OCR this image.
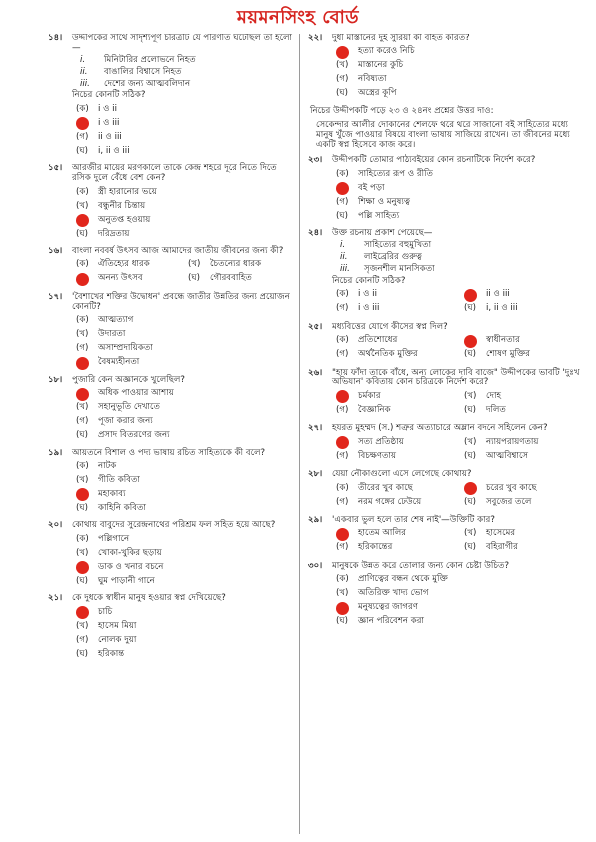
ময়মনসিংহ বোর্ড
১৪।	উদ্দীপকের সাথে সাদৃশ্যপূর্ণ চরিত্রটি যে পরিণতি ঘটেছিল তা হলো—
i.	মিনিটারির প্রলোভনে নিহত
ii.	বাঙালির বিশ্বাসে নিহত
iii.	দেশের জন্য আত্মবলিদান
নিচের কোনটি সঠিক?
(ক)	i ও ii
i ও iii
(গ)	ii ও iii
(ঘ)	i, ii ও iii
১৫।	আরজীর মায়ের মরণকালে তাকে কেন্দ্র শহরে দূরে নিতে দিতে রসিক দুলে বেঁধে বেশ কেন?
(ক)	স্ত্রী হারানোর ভয়ে
(খ)	বন্ধুনীর চিন্তায়
অনুতপ্ত হওয়ায়
(ঘ)	দরিদ্রতায়
১৬।	বাংলা নববর্ষ উৎসব আজ আমাদের জাতীয় জীবনের জন্য কী?
(ক)	ঐতিহ্যের ধারক	(খ)	চৈতন্যের ধারক
অনন্য উৎসব	(ঘ)	গৌরববাহিত
১৭।	'বৈশাখের শক্তির উদ্বোধন' প্রবন্ধে জাতীর উন্নতির জন্য প্রয়োজন কোনটি?
(ক)	আত্মত্যাগ
(খ)	উদারতা
(গ)	অসাম্প্রদায়িকতা
বৈষম্যহীনতা
১৮।	পুজারি কেন অজ্ঞানকে খুলেছিল?
অধিক পাওয়ার আশায়
(খ)	সহানুভূতি দেখাতে
(গ)	পূজা করার জন্য
(ঘ)	প্রসাদ বিতরণের জন্য
১৯।	আয়তনে বিশাল ও পদ্য ভাষায় রচিত সাহিত্যকে কী বলে?
(ক)	নাটক
(খ)	গীতি কবিতা
মহাকাব্য
(ঘ)	কাহিনি কবিতা
২০।	কোথায় বাবুদের সুরেন্দ্রনাথের পরিশ্রম ফল সহিত হয়ে আছে?
(ক)	পল্লিগানে
(খ)	খোকা-খুকির ছড়ায়
ডাক ও খনার বচনে
(ঘ)	ঘুম পাড়ানী গানে
২১।	কে দুধকে স্বাধীন মানুষ হওয়ার স্বপ্ন দেখিয়েছে?
চাচি
(খ)	হাসেম মিয়া
(গ)	নোলক দুয়া
(ঘ)	হরিকান্ত
২২।	দুধী মাস্তানের দুই সুরিয়া কী বহিত করিত?
হত্যা করেও নিচি
(খ)	মাস্তানের কুচি
(গ)	নবিষ্যতা
(ঘ)	অস্ত্রের কূপি
নিচের উদ্দীপকটি পড়ে ২৩ ও ২৪নং প্রশ্নের উত্তর দাও:
সেকেন্দার আলীর দোকানের শেলফে থরে থরে সাজানো বই সাহিত্যের মধ্যে মানুষ খুঁজে পাওয়ার বিষয়ে বাংলা ভাষায় সাজিয়ে রাখেন। তা জীবনের মধ্যে একটি স্বপ্ন হিসেবে কাজ করে।
২৩।	উদ্দীপকটি তোমার পাঠ্যবইয়ের কোন রচনাটিকে নির্দেশ করে?
(ক)	সাহিত্যের রূপ ও রীতি
বই পড়া
(গ)	শিক্ষা ও মনুষ্যত্ব
(ঘ)	পল্লি সাহিত্য
২৪।	উক্ত রচনায় প্রকাশ পেয়েছে—
i.	সাহিত্যের বহুমুখিতা
ii.	লাইব্রেরির গুরুত্ব
iii.	সৃজনশীল মানসিকতা
নিচের কোনটি সঠিক?
(ক)	i ও ii	ii ও iii
(গ)	i ও iii	(ঘ)	i, ii ও iii
২৫।	মধ্যবিত্তের যোগে কীসের স্বপ্ন দিল?
(ক)	প্রতিশোধের	স্বাধীনতার
(গ)	অর্থনৈতিক মুক্তির	(ঘ)	শোষণ মুক্তির
২৬।	"হায় ফাঁদা তাকে বাঁধে, অন্য লোকের দাবি বাজে" উদ্দীপকের ভাবটি 'দুঃখ অভিযান' কবিতায় কোন চরিত্রকে নির্দেশ করে?
চর্মকার	(খ)	দোহ
(গ)	বৈজ্ঞানিক	(ঘ)	দলিত
২৭।	হযরত মুহম্মদ (স.) শত্রুর অত্যাচারে অম্লান বদনে সহিলেন কেন?
সত্য প্রতিষ্ঠায়	(খ)	ন্যায়পরায়ণতায়
(গ)	বিচক্ষণতায়	(ঘ)	আত্মবিশ্বাসে
২৮।	যেয়া নৌকাগুলো এসে লেগেছে কোথায়?
(ক)	তীরের খুব কাছে	চরের খুব কাছে
(গ)	নরম গঙ্গের ঢেউয়ে	(ঘ)	সবুজের তলে
২৯।	'একবার ভুল হলে তার শেষ নাই'—উক্তিটি কার?
হাতেম আলির	(খ)	হাসেমের
(গ)	হরিকান্তের	(ঘ)	বহিরাগীর
৩০।	মানুষকে উন্নত করে তোলার জন্য কোন চেষ্টা উচিত?
(ক)	প্রাণিত্বের বন্ধন থেকে মুক্তি
(খ)	অতিরিক্ত খাদ্য ভোগ
মনুষ্যত্বের জাগরণ
(ঘ)	জ্ঞান পরিবেশন করা
